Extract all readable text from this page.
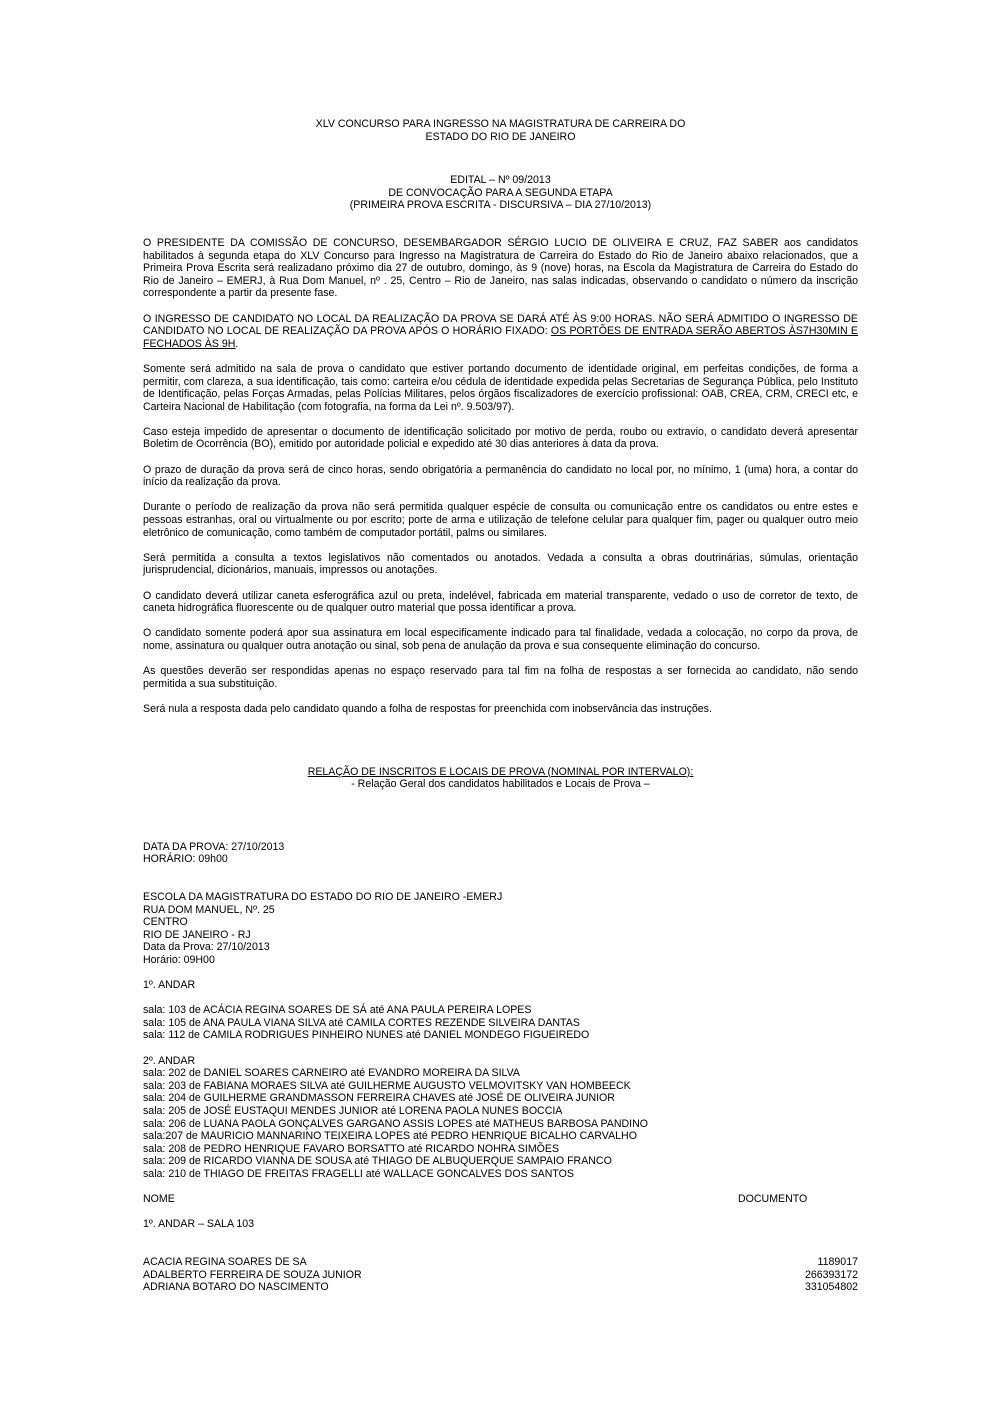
XLV CONCURSO PARA INGRESSO NA MAGISTRATURA DE CARREIRA DO

ESTADO DO RIO DE JANEIRO

EDITAL – Nº 09/2013

DE CONVOCAÇÃO PARA A SEGUNDA ETAPA

(PRIMEIRA PROVA ESCRITA - DISCURSIVA – DIA 27/10/2013)

O PRESIDENTE DA COMISSÃO DE CONCURSO, DESEMBARGADOR SÉRGIO LUCIO DE OLIVEIRA E CRUZ, FAZ SABER aos candidatos habilitados à segunda etapa do XLV Concurso para Ingresso na Magistratura de Carreira do Estado do Rio de Janeiro abaixo relacionados, que a Primeira Prova Escrita será realizadano próximo dia 27 de outubro, domingo, às 9 (nove) horas, na Escola da Magistratura de Carreira do Estado do Rio de Janeiro – EMERJ, à Rua Dom Manuel, nº . 25, Centro – Rio de Janeiro, nas salas indicadas, observando o candidato o número da inscrição correspondente a partir da presente fase.

O INGRESSO DE CANDIDATO NO LOCAL DA REALIZAÇÃO DA PROVA SE DARÁ ATÉ ÀS 9:00 HORAS. NÃO SERÁ ADMITIDO O INGRESSO DE CANDIDATO NO LOCAL DE REALIZAÇÃO DA PROVA APÓS O HORÁRIO FIXADO: OS PORTÕES DE ENTRADA SERÃO ABERTOS ÀS7H30MIN E FECHADOS ÀS 9H.

Somente será admitido na sala de prova o candidato que estiver portando documento de identidade original, em perfeitas condições, de forma a permitir, com clareza, a sua identificação, tais como: carteira e/ou cédula de identidade expedida pelas Secretarias de Segurança Pública, pelo Instituto de Identificação, pelas Forças Armadas, pelas Polícias Militares, pelos órgãos fiscalizadores de exercício profissional: OAB, CREA, CRM, CRECI etc, e Carteira Nacional de Habilitação (com fotografia, na forma da Lei nº. 9.503/97).

Caso esteja impedido de apresentar o documento de identificação solicitado por motivo de perda, roubo ou extravio, o candidato deverá apresentar Boletim de Ocorrência (BO), emitido por autoridade policial e expedido até 30 dias anteriores à data da prova.

O prazo de duração da prova será de cinco horas, sendo obrigatória a permanência do candidato no local por, no mínimo, 1 (uma) hora, a contar do início da realização da prova.

Durante o período de realização da prova não será permitida qualquer espécie de consulta ou comunicação entre os candidatos ou entre estes e pessoas estranhas, oral ou virtualmente ou por escrito; porte de arma e utilização de telefone celular para qualquer fim, pager ou qualquer outro meio eletrônico de comunicação, como também de computador portátil, palms ou similares.

Será permitida a consulta a textos legislativos não comentados ou anotados. Vedada a consulta a obras doutrinárias, súmulas, orientação jurisprudencial, dicionários, manuais, impressos ou anotações.

O candidato deverá utilizar caneta esferográfica azul ou preta, indelével, fabricada em material transparente, vedado o uso de corretor de texto, de caneta hidrográfica fluorescente ou de qualquer outro material que possa identificar a prova.

O candidato somente poderá apor sua assinatura em local especificamente indicado para tal finalidade, vedada a colocação, no corpo da prova, de nome, assinatura ou qualquer outra anotação ou sinal, sob pena de anulação da prova e sua consequente eliminação do concurso.

As questões deverão ser respondidas apenas no espaço reservado para tal fim na folha de respostas a ser fornecida ao candidato, não sendo permitida a sua substituição.

Será nula a resposta dada pelo candidato quando a folha de respostas for preenchida com inobservância das instruções.

RELAÇÃO DE INSCRITOS E LOCAIS DE PROVA (NOMINAL POR INTERVALO):

- Relação Geral dos candidatos habilitados e Locais de Prova –

DATA DA PROVA: 27/10/2013

HORÁRIO: 09h00

ESCOLA DA MAGISTRATURA DO ESTADO DO RIO DE JANEIRO -EMERJ

RUA DOM MANUEL, Nº. 25

CENTRO

RIO DE JANEIRO - RJ

Data da Prova: 27/10/2013

Horário: 09H00

1º. ANDAR

sala: 103 de ACÁCIA REGINA SOARES DE SÁ até ANA PAULA PEREIRA LOPES

sala: 105 de ANA PAULA VIANA SILVA até CAMILA CORTES REZENDE SILVEIRA DANTAS

sala: 112 de CAMILA RODRIGUES PINHEIRO NUNES até DANIEL MONDEGO FIGUEIREDO

2º. ANDAR

sala: 202 de DANIEL SOARES CARNEIRO até EVANDRO MOREIRA DA SILVA

sala: 203 de FABIANA MORAES SILVA até GUILHERME AUGUSTO VELMOVITSKY VAN HOMBEECK

sala: 204 de GUILHERME GRANDMASSON FERREIRA CHAVES até JOSÉ DE OLIVEIRA JUNIOR

sala: 205 de JOSÉ EUSTAQUI MENDES JUNIOR até LORENA PAOLA NUNES BOCCIA

sala: 206 de LUANA PAOLA GONÇALVES GARGANO ASSIS LOPES até MATHEUS BARBOSA PANDINO

sala:207 de MAURICIO MANNARINO TEIXEIRA LOPES até PEDRO HENRIQUE BICALHO CARVALHO

sala: 208 de PEDRO HENRIQUE FAVARO BORSATTO até RICARDO NOHRA SIMÕES

sala: 209 de RICARDO VIANNA DE SOUSA até THIAGO DE ALBUQUERQUE SAMPAIO FRANCO

sala: 210 de THIAGO DE FREITAS FRAGELLI até WALLACE GONCALVES DOS SANTOS

NOME	DOCUMENTO

1º. ANDAR – SALA 103

ACACIA REGINA SOARES DE SA	1189017
ADALBERTO FERREIRA DE SOUZA JUNIOR	266393172
ADRIANA BOTARO DO NASCIMENTO	331054802
